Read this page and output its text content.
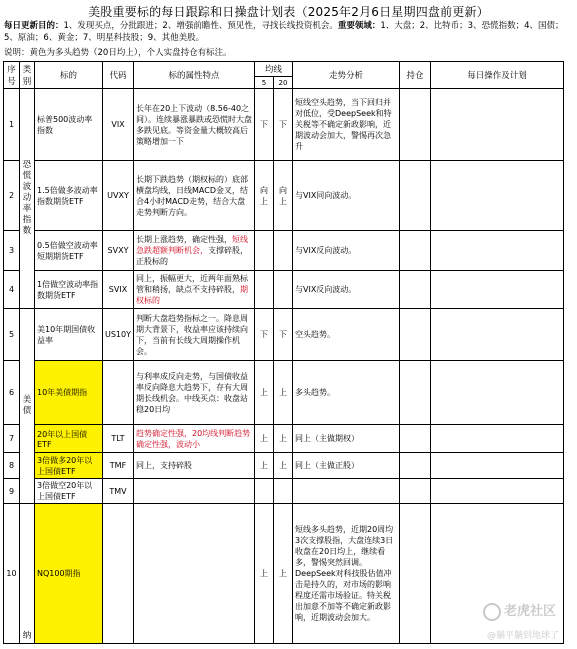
美股重要标的每日跟踪和日操盘计划表（2025年2月6日星期四盘前更新）
每日更新目的：1、发现买点，分批跟进；2、增强前瞻性、预见性，寻找长线投资机会。重要领域：1、大盘；2、比特币；3、恐慌指数；4、国债；5、原油；6、黄金；7、明星科技股；9、其他美股。
说明：黄色为多头趋势（20日均上），个人实盘持仓有标注。
序号	类别	标的	代码	标的属性特点	均线		走势分析	持仓	每日操作及计划
					5	20			
1	恐慌波动率指数	标普500波动率指数	VIX	长年在20上下波动（8.56-40之间）。连续暴涨暴跌或恐慌时大盘多跌见底。等资金量大概较高后策略增加一下	下	下	短线空头趋势，当下回归并对低位，受DeepSeek和特关税等不确定新政影响，近期波动会加大，警惕再次急升		
2		1.5倍做多波动率指数期货ETF	UVXY	长期下跌趋势（期权标的）底部横盘均线，日线MACD金叉，结合4小时MACD走势，结合大盘走势判断方向。	向上	向上	与VIX同向波动。		
3		0.5倍做空波动率短期期货ETF	SVXY	长期上涨趋势，确定性强，短线急跌超额判断机会，支撑碎股，正股标的			与VIX反向波动。		
4		1倍做空波动率指数期货ETF	SVIX	同上，振幅更大，近两年面熟标管和稍扬，缺点不支持碎股，期权标的			与VIX反向波动。		
5	美债	美10年期国债收益率	US10Y	判断大盘趋势指标之一。降息周期大背景下，收益率应该持续向下，当前有长线大周期操作机会。	下	下	空头趋势。		
6		10年美债期指		与利率成反向走势，与国债收益率反向降息大趋势下，存有大周期长线机会。中线买点：收盘站稳20日均	上	上	多头趋势。		
7		20年以上国债ETF	TLT	趋势确定性强，20均线判断趋势确定性强，波动小	上	上	同上（主做期权）		
8		3倍做多20年以上国债ETF	TMF	同上，支持碎股	上	上	同上（主做正股）		
9		3倍做空20年以上国债ETF	TMV						
10	纳	NQ100期指			上	上	短线多头趋势，近期20周均3次支撑股指，大盘连续3日收盘在20日均上，继续看多，警惕突然回调。DeepSeek对科技股估值冲击是持久的，对市场的影响程度还需市场验证。特关税出加意不加等不确定新政影响，近期波动会加大。			老虎社区
@躺平躺到地球了
